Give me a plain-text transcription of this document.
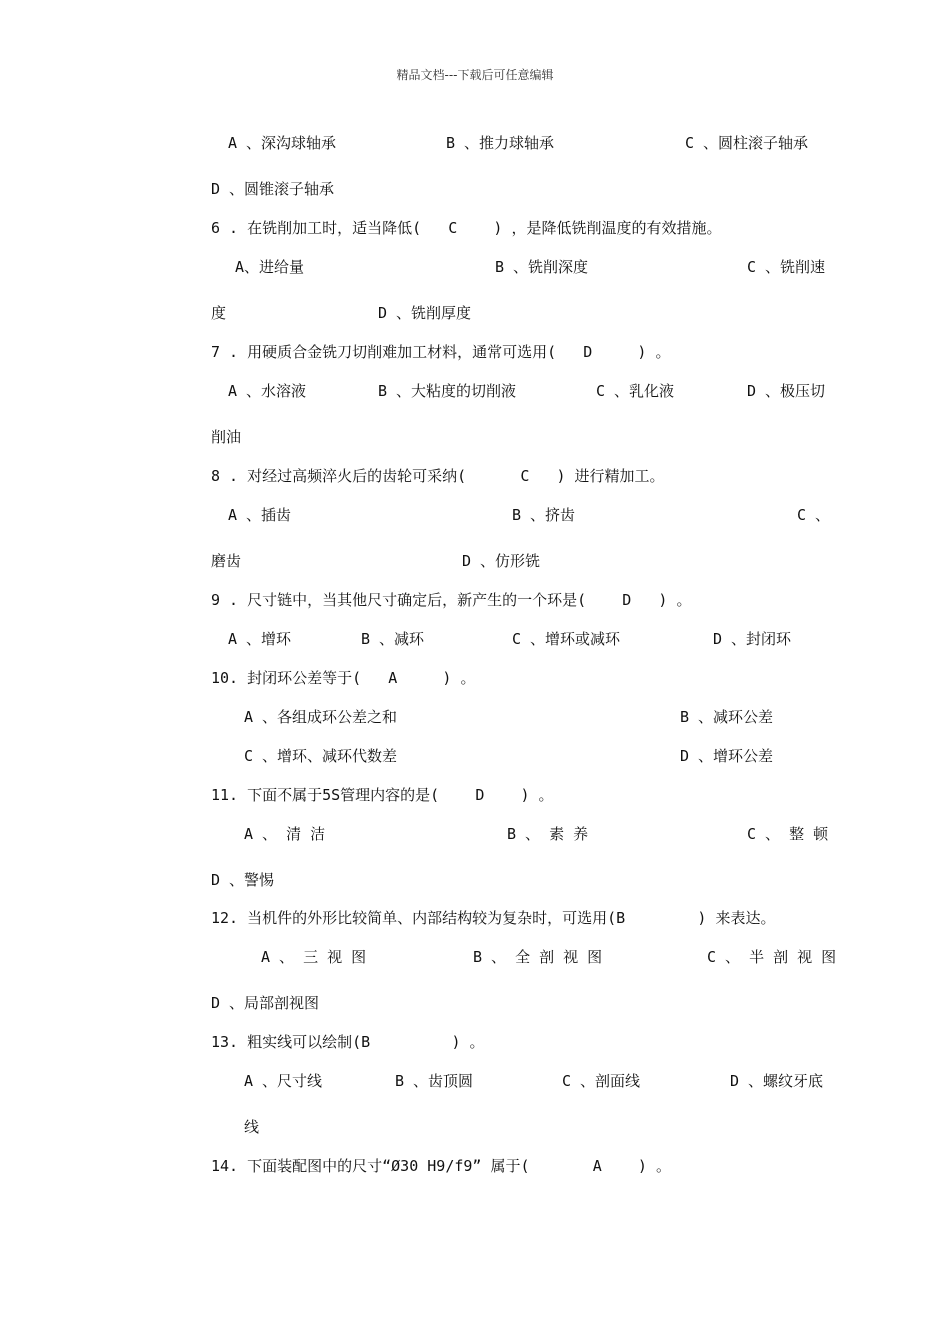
精品文档---下载后可任意编辑
A 、深沟球轴承	B 、推力球轴承	C 、圆柱滚子轴承
D 、圆锥滚子轴承
6 . 在铣削加工时，适当降低(   C    ) ，是降低铣削温度的有效措施。
A、进给量	B 、铣削深度	C 、铣削速
度	D 、铣削厚度
7 . 用硬质合金铣刀切削难加工材料，通常可选用(   D     ) 。
A 、水溶液	B 、大粘度的切削液	C 、乳化液	D 、极压切
削油
8 . 对经过高频淬火后的齿轮可采纳(      C   ) 进行精加工。
A 、插齿	B 、挤齿	C 、
磨齿	D 、仿形铣
9 . 尺寸链中，当其他尺寸确定后，新产生的一个环是(    D   ) 。
A 、增环	B 、减环	C 、增环或减环	D 、封闭环
10. 封闭环公差等于(   A     ) 。
A 、各组成环公差之和	B 、减环公差
C 、增环、减环代数差	D 、增环公差
11. 下面不属于5S管理内容的是(    D    ) 。
A 、 清 洁	B 、 素 养	C 、 整 顿
D 、警惕
12. 当机件的外形比较简单、内部结构较为复杂时，可选用(B        ) 来表达。
A 、 三 视 图	B 、 全 剖 视 图	C 、 半 剖 视 图
D 、局部剖视图
13. 粗实线可以绘制(B         ) 。
A 、尺寸线	B 、齿顶圆	C 、剖面线	D 、螺纹牙底
线
14. 下面装配图中的尺寸“Ø30 H9/f9” 属于(       A    ) 。
